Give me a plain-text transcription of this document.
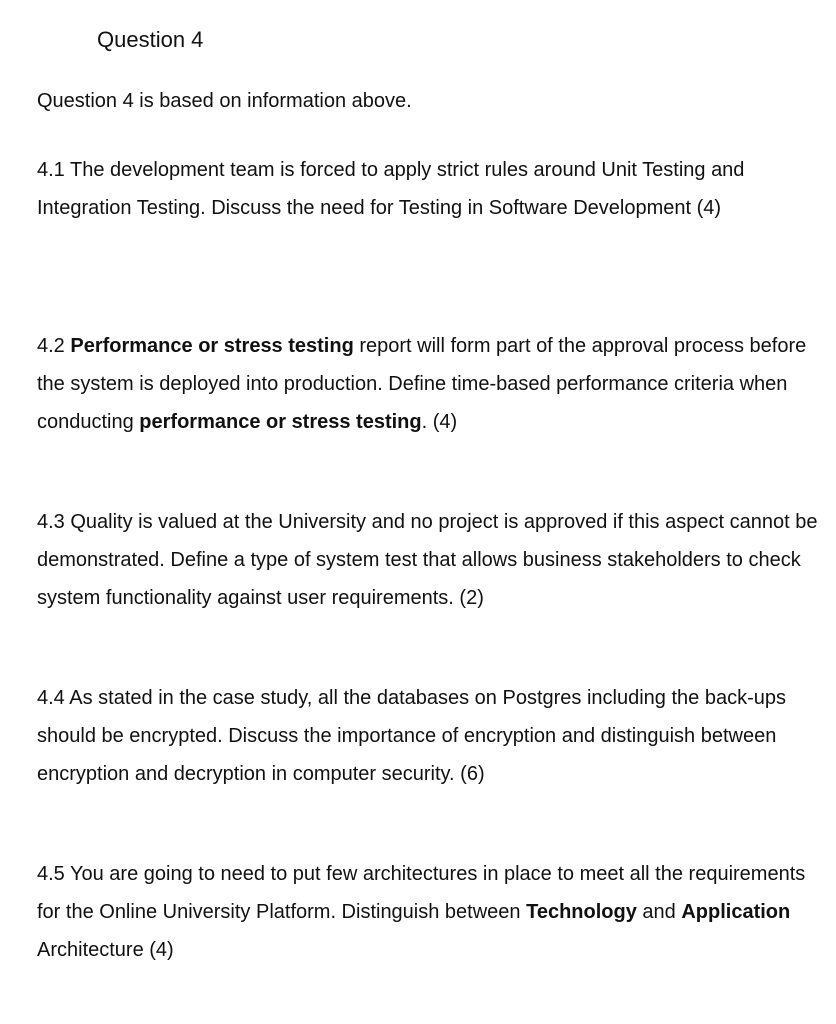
Question 4

Question 4 is based on information above.

4.1 The development team is forced to apply strict rules around Unit Testing and Integration Testing. Discuss the need for Testing in Software Development (4)

4.2 Performance or stress testing report will form part of the approval process before the system is deployed into production. Define time-based performance criteria when conducting performance or stress testing. (4)

4.3 Quality is valued at the University and no project is approved if this aspect cannot be demonstrated. Define a type of system test that allows business stakeholders to check system functionality against user requirements. (2)

4.4 As stated in the case study, all the databases on Postgres including the back-ups should be encrypted. Discuss the importance of encryption and distinguish between encryption and decryption in computer security. (6)

4.5 You are going to need to put few architectures in place to meet all the requirements for the Online University Platform. Distinguish between Technology and Application Architecture (4)
